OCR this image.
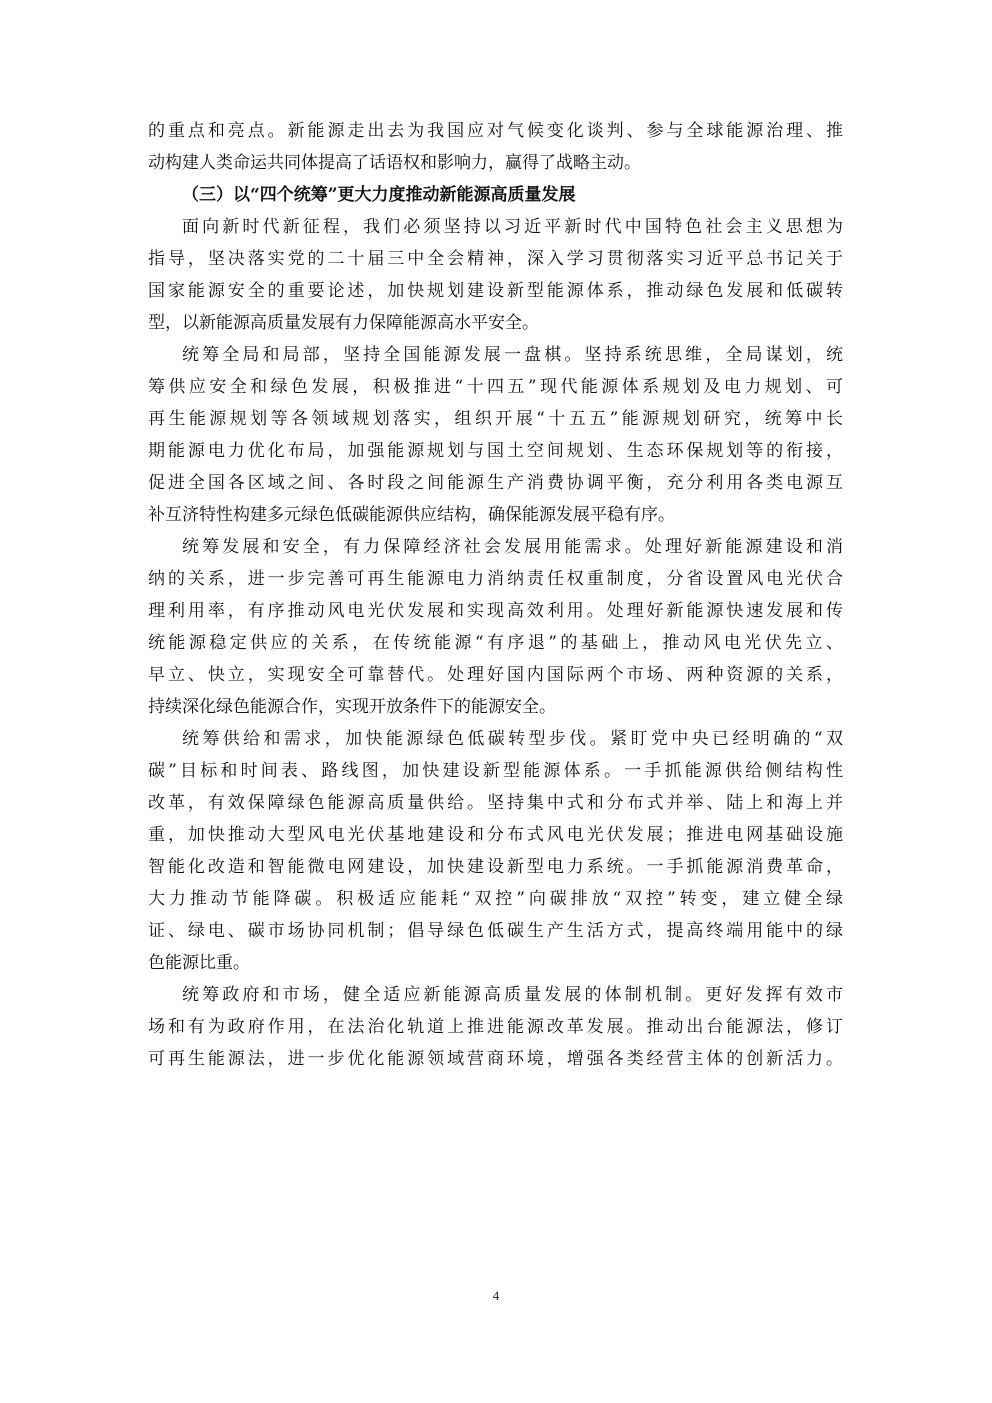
的重点和亮点。新能源走出去为我国应对气候变化谈判、参与全球能源治理、推
动构建人类命运共同体提高了话语权和影响力，赢得了战略主动。
（三）以“四个统筹”更大力度推动新能源高质量发展
面向新时代新征程，我们必须坚持以习近平新时代中国特色社会主义思想为
指导，坚决落实党的二十届三中全会精神，深入学习贯彻落实习近平总书记关于
国家能源安全的重要论述，加快规划建设新型能源体系，推动绿色发展和低碳转
型，以新能源高质量发展有力保障能源高水平安全。
统筹全局和局部，坚持全国能源发展一盘棋。坚持系统思维，全局谋划，统
筹供应安全和绿色发展，积极推进“十四五”现代能源体系规划及电力规划、可
再生能源规划等各领域规划落实，组织开展“十五五”能源规划研究，统筹中长
期能源电力优化布局，加强能源规划与国土空间规划、生态环保规划等的衔接，
促进全国各区域之间、各时段之间能源生产消费协调平衡，充分利用各类电源互
补互济特性构建多元绿色低碳能源供应结构，确保能源发展平稳有序。
统筹发展和安全，有力保障经济社会发展用能需求。处理好新能源建设和消
纳的关系，进一步完善可再生能源电力消纳责任权重制度，分省设置风电光伏合
理利用率，有序推动风电光伏发展和实现高效利用。处理好新能源快速发展和传
统能源稳定供应的关系，在传统能源“有序退”的基础上，推动风电光伏先立、
早立、快立，实现安全可靠替代。处理好国内国际两个市场、两种资源的关系，
持续深化绿色能源合作，实现开放条件下的能源安全。
统筹供给和需求，加快能源绿色低碳转型步伐。紧盯党中央已经明确的“双
碳”目标和时间表、路线图，加快建设新型能源体系。一手抓能源供给侧结构性
改革，有效保障绿色能源高质量供给。坚持集中式和分布式并举、陆上和海上并
重，加快推动大型风电光伏基地建设和分布式风电光伏发展；推进电网基础设施
智能化改造和智能微电网建设，加快建设新型电力系统。一手抓能源消费革命，
大力推动节能降碳。积极适应能耗“双控”向碳排放“双控”转变，建立健全绿
证、绿电、碳市场协同机制；倡导绿色低碳生产生活方式，提高终端用能中的绿
色能源比重。
统筹政府和市场，健全适应新能源高质量发展的体制机制。更好发挥有效市
场和有为政府作用，在法治化轨道上推进能源改革发展。推动出台能源法，修订
可再生能源法，进一步优化能源领域营商环境，增强各类经营主体的创新活力。
4
